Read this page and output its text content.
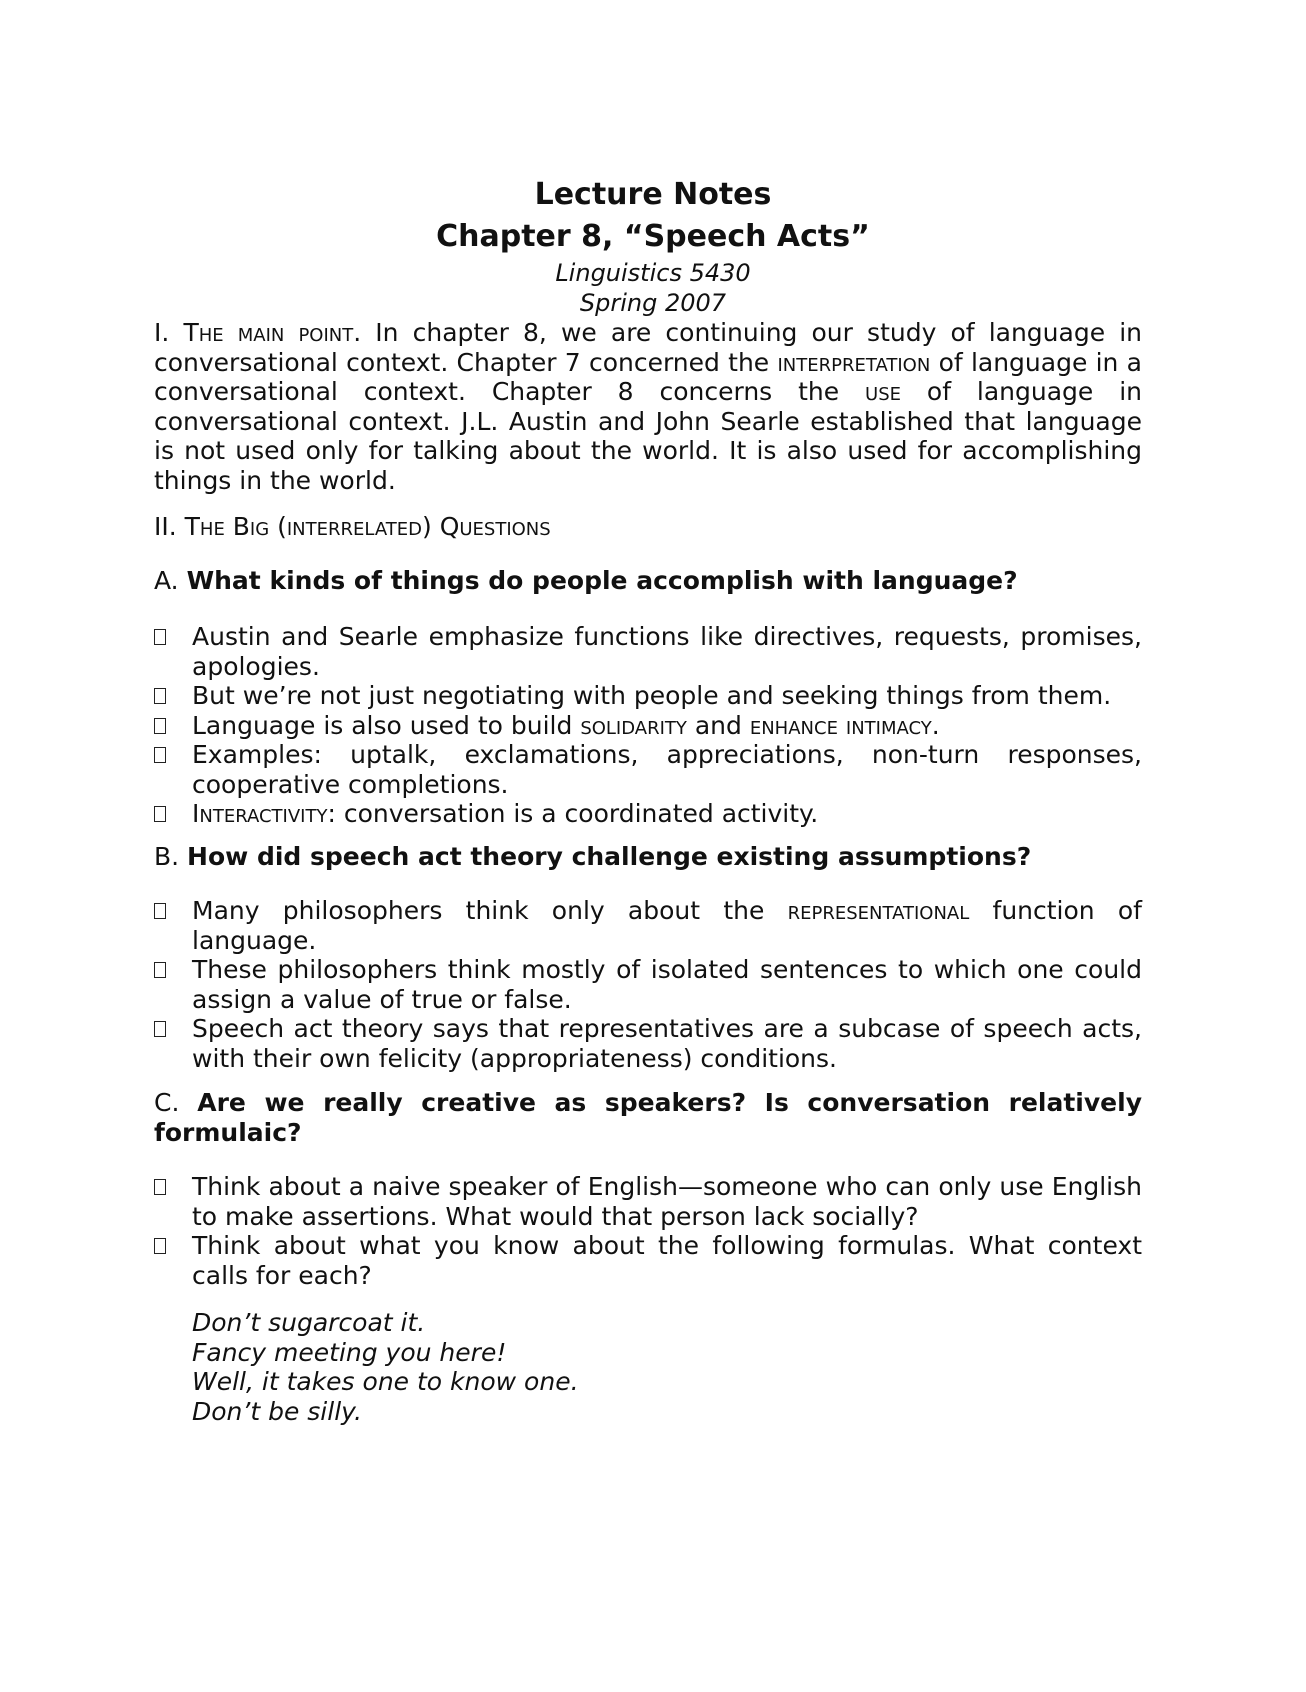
Lecture Notes
Chapter 8, “Speech Acts”
Linguistics 5430
Spring 2007

I. The main point. In chapter 8, we are continuing our study of language in conversational context. Chapter 7 concerned the interpretation of language in a conversational context. Chapter 8 concerns the use of language in conversational context. J.L. Austin and John Searle established that language is not used only for talking about the world. It is also used for accomplishing things in the world.

II. The Big (interrelated) Questions

A. What kinds of things do people accomplish with language?

Austin and Searle emphasize functions like directives, requests, promises, apologies.
But we’re not just negotiating with people and seeking things from them.
Language is also used to build solidarity and enhance intimacy.
Examples: uptalk, exclamations, appreciations, non-turn responses, cooperative completions.
Interactivity: conversation is a coordinated activity.

B. How did speech act theory challenge existing assumptions?

Many philosophers think only about the representational function of language.
These philosophers think mostly of isolated sentences to which one could assign a value of true or false.
Speech act theory says that representatives are a subcase of speech acts, with their own felicity (appropriateness) conditions.

C. Are we really creative as speakers? Is conversation relatively formulaic?

Think about a naive speaker of English—someone who can only use English to make assertions. What would that person lack socially?
Think about what you know about the following formulas. What context calls for each?
Don’t sugarcoat it.
Fancy meeting you here!
Well, it takes one to know one.
Don’t be silly.
